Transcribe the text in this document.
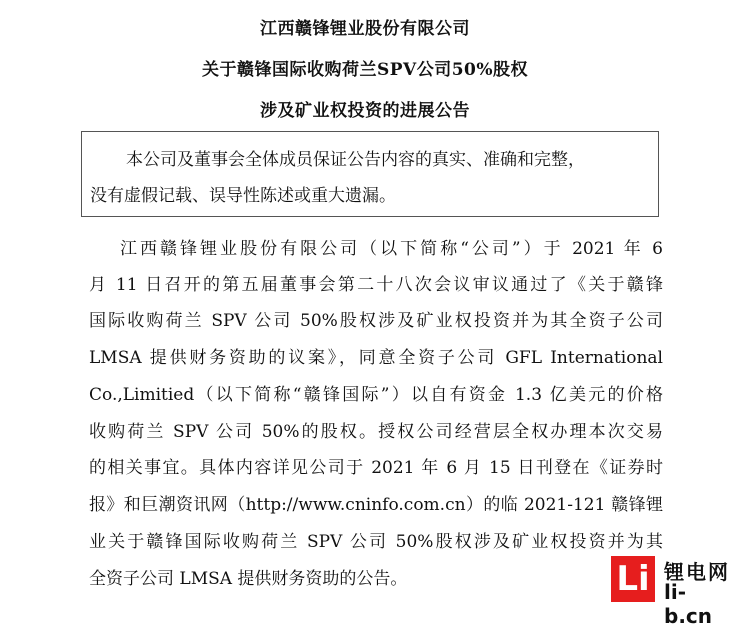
江西赣锋锂业股份有限公司
关于赣锋国际收购荷兰SPV公司50%股权
涉及矿业权投资的进展公告

本公司及董事会全体成员保证公告内容的真实、准确和完整，

没有虚假记载、误导性陈述或重大遗漏。

江西赣锋锂业股份有限公司（以下简称“公司”）于 2021 年 6
月 11 日召开的第五届董事会第二十八次会议审议通过了《关于赣锋
国际收购荷兰 SPV 公司 50%股权涉及矿业权投资并为其全资子公司
LMSA 提供财务资助的议案》，同意全资子公司 GFL International
Co.,Limitied（以下简称“赣锋国际”）以自有资金 1.3 亿美元的价格
收购荷兰 SPV 公司 50%的股权。授权公司经营层全权办理本次交易
的相关事宜。具体内容详见公司于 2021 年 6 月 15 日刊登在《证券时
报》和巨潮资讯网（http://www.cninfo.com.cn）的临 2021-121 赣锋锂
业关于赣锋国际收购荷兰 SPV 公司 50%股权涉及矿业权投资并为其
全资子公司 LMSA 提供财务资助的公告。	Li 锂电网
li-b.cn
